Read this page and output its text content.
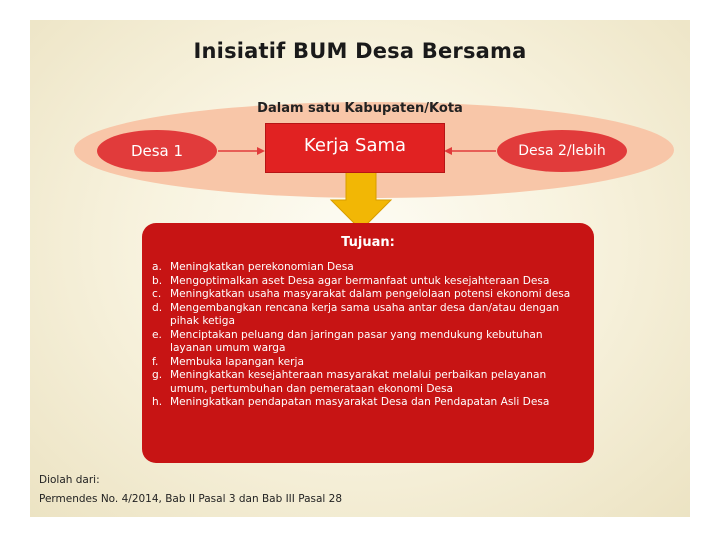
Inisiatif BUM Desa Bersama
Dalam satu Kabupaten/Kota
Desa 1	Kerja Sama	Desa 2/lebih
Tujuan:
a. Meningkatkan perekonomian Desa
b. Mengoptimalkan aset Desa agar bermanfaat untuk kesejahteraan Desa
c. Meningkatkan usaha masyarakat dalam pengelolaan potensi ekonomi desa
d. Mengembangkan rencana kerja sama usaha antar desa dan/atau dengan pihak ketiga
e. Menciptakan peluang dan jaringan pasar yang mendukung kebutuhan layanan umum warga
f.	Membuka lapangan kerja
g. Meningkatkan kesejahteraan masyarakat melalui perbaikan pelayanan umum, pertumbuhan dan pemerataan ekonomi Desa
h. Meningkatkan pendapatan masyarakat Desa dan Pendapatan Asli Desa
Diolah dari:
Permendes No. 4/2014, Bab II Pasal 3 dan Bab III Pasal 28
